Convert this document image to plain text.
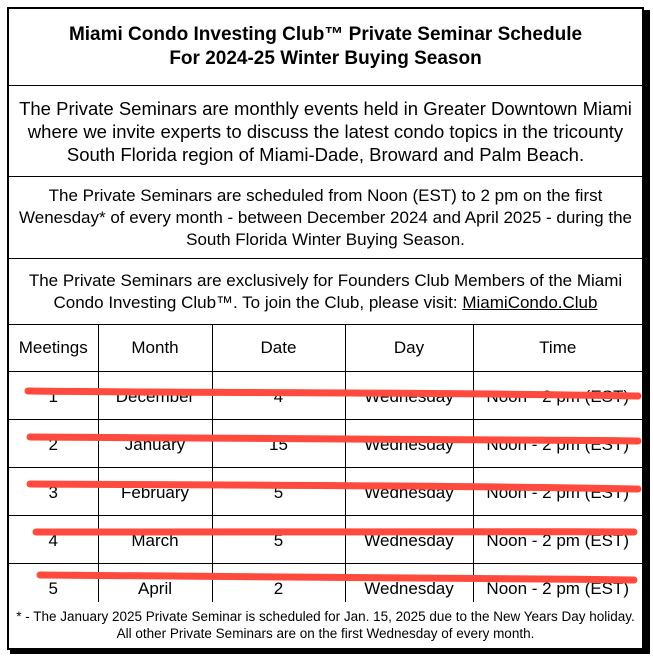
Miami Condo Investing Club™ Private Seminar Schedule
For 2024-25 Winter Buying Season
The Private Seminars are monthly events held in Greater Downtown Miami where we invite experts to discuss the latest condo topics in the tricounty South Florida region of Miami-Dade, Broward and Palm Beach.
The Private Seminars are scheduled from Noon (EST) to 2 pm on the first Wenesday* of every month - between December 2024 and April 2025 - during the South Florida Winter Buying Season.
The Private Seminars are exclusively for Founders Club Members of the Miami Condo Investing Club™. To join the Club, please visit: MiamiCondo.Club
Meetings	Month	Date	Day	Time
1	December	4	Wednesday	Noon - 2 pm (EST)
2	January	15	Wednesday	Noon - 2 pm (EST)
3	February	5	Wednesday	Noon - 2 pm (EST)
4	March	5	Wednesday	Noon - 2 pm (EST)
5	April	2	Wednesday	Noon - 2 pm (EST)
* - The January 2025 Private Seminar is scheduled for Jan. 15, 2025 due to the New Years Day holiday. All other Private Seminars are on the first Wednesday of every month.
